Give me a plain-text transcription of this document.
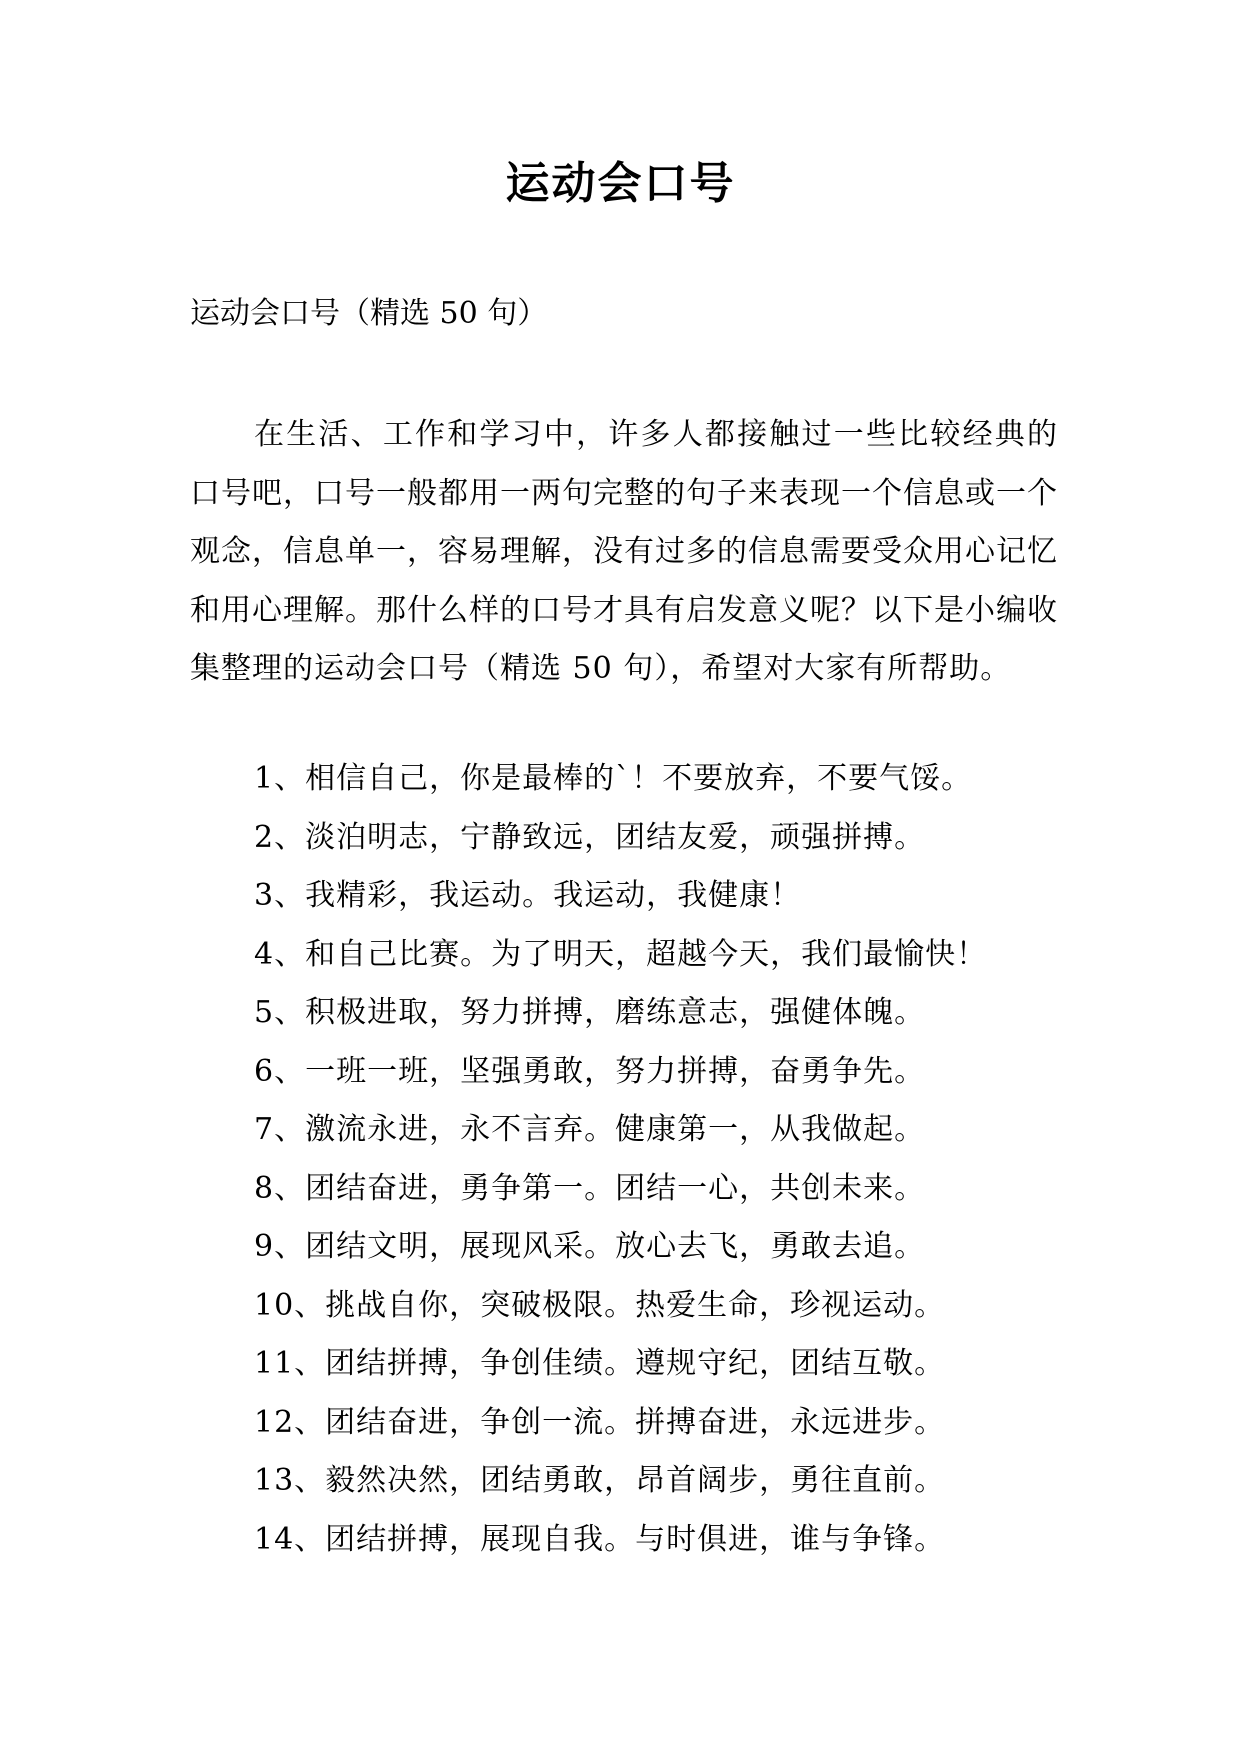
运动会口号

运动会口号（精选 50 句）

在生活、工作和学习中，许多人都接触过一些比较经典的口号吧，口号一般都用一两句完整的句子来表现一个信息或一个观念，信息单一，容易理解，没有过多的信息需要受众用心记忆和用心理解。那什么样的口号才具有启发意义呢？以下是小编收集整理的运动会口号（精选 50 句），希望对大家有所帮助。

1、相信自己，你是最棒的`！不要放弃，不要气馁。
2、淡泊明志，宁静致远，团结友爱，顽强拼搏。
3、我精彩，我运动。我运动，我健康！
4、和自己比赛。为了明天，超越今天，我们最愉快！
5、积极进取，努力拼搏，磨练意志，强健体魄。
6、一班一班，坚强勇敢，努力拼搏，奋勇争先。
7、激流永进，永不言弃。健康第一，从我做起。
8、团结奋进，勇争第一。团结一心，共创未来。
9、团结文明，展现风采。放心去飞，勇敢去追。
10、挑战自你，突破极限。热爱生命，珍视运动。
11、团结拼搏，争创佳绩。遵规守纪，团结互敬。
12、团结奋进，争创一流。拼搏奋进，永远进步。
13、毅然决然，团结勇敢，昂首阔步，勇往直前。
14、团结拼搏，展现自我。与时俱进，谁与争锋。
